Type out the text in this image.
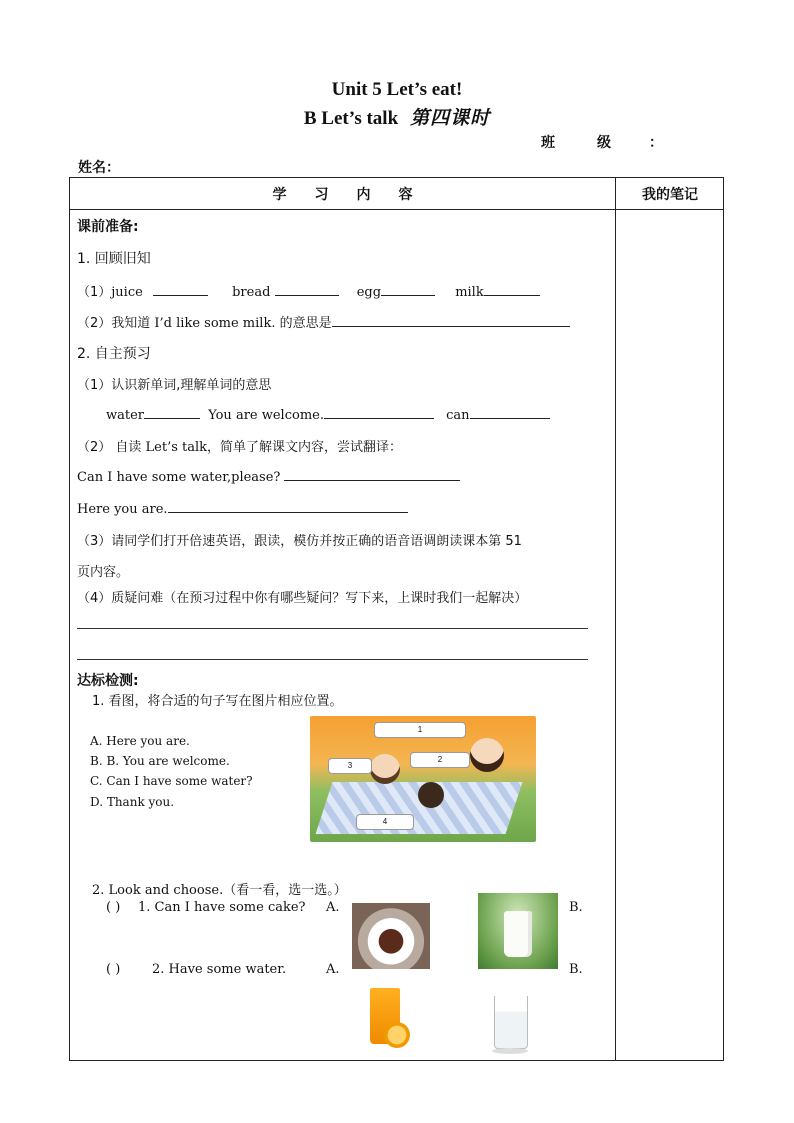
Unit 5 Let’s eat!
B Let’s talk 第四课时
班	级	：
姓名：
学 习 内 容	我的笔记
课前准备:
1. 回顾旧知
（1）juice	bread	egg	milk
（2）我知道 I’d like some milk. 的意思是
2. 自主预习
（1）认识新单词,理解单词的意思
water	You are welcome.	can
（2） 自读 Let’s talk，简单了解课文内容，尝试翻译：
Can I have some water,please?
Here you are.
（3）请同学们打开倍速英语，跟读，模仿并按正确的语音语调朗读课本第 51
页内容。
（4）质疑问难（在预习过程中你有哪些疑问？写下来，上课时我们一起解决）
达标检测:
1. 看图，将合适的句子写在图片相应位置。
A. Here you are.
B. B. You are welcome.
C. Can I have some water?
D. Thank you.
1
2
3
4
2. Look and choose.（看一看，选一选。）
( ) 1. Can I have some cake? A.	B.
( ) 2. Have some water.	A.	B.
